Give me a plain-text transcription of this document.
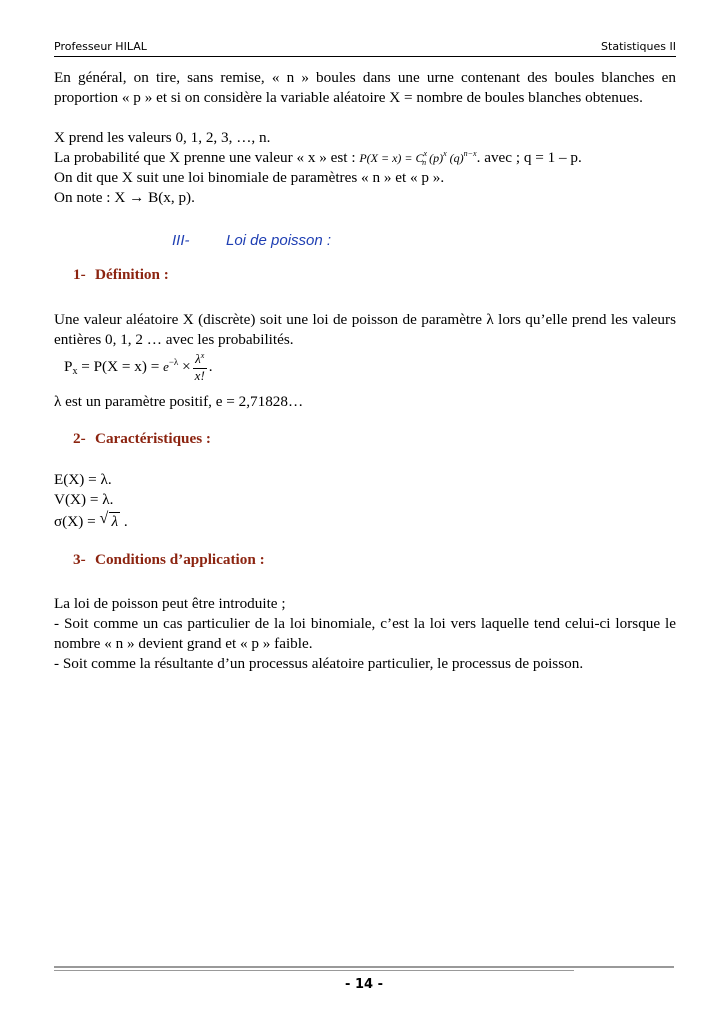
Professeur HILAL	Statistiques II
En général, on tire, sans remise, « n » boules dans une urne contenant des boules blanches en proportion « p » et si on considère la variable aléatoire X = nombre de boules blanches obtenues.
X prend les valeurs 0, 1, 2, 3, …, n.
La probabilité que X prenne une valeur « x » est : $P(X = x) = C^x_n$ $(p)^x$ $(q)^{n-x}$. avec ; q = 1 – p.
On dit que X suit une loi binomiale de paramètres « n » et « p ».
On note : X → B(x, p).
III- Loi de poisson :
1- Définition :
Une valeur aléatoire X (discrète) soit une loi de poisson de paramètre λ lors qu’elle prend les valeurs entières 0, 1, 2 … avec les probabilités.
$Px = P(X = x) = e^{-\lambda} \times \frac{\lambda^x}{x!}$ .
λ est un paramètre positif, e = 2,71828…
2- Caractéristiques :
E(X) = λ.
V(X) = λ.
σ(X) = √ λ .
3- Conditions d’application :
La loi de poisson peut être introduite ;
- Soit comme un cas particulier de la loi binomiale, c’est la loi vers laquelle tend celui-ci lorsque le nombre « n » devient grand et « p » faible.
- Soit comme la résultante d’un processus aléatoire particulier, le processus de poisson.
- 14 -
